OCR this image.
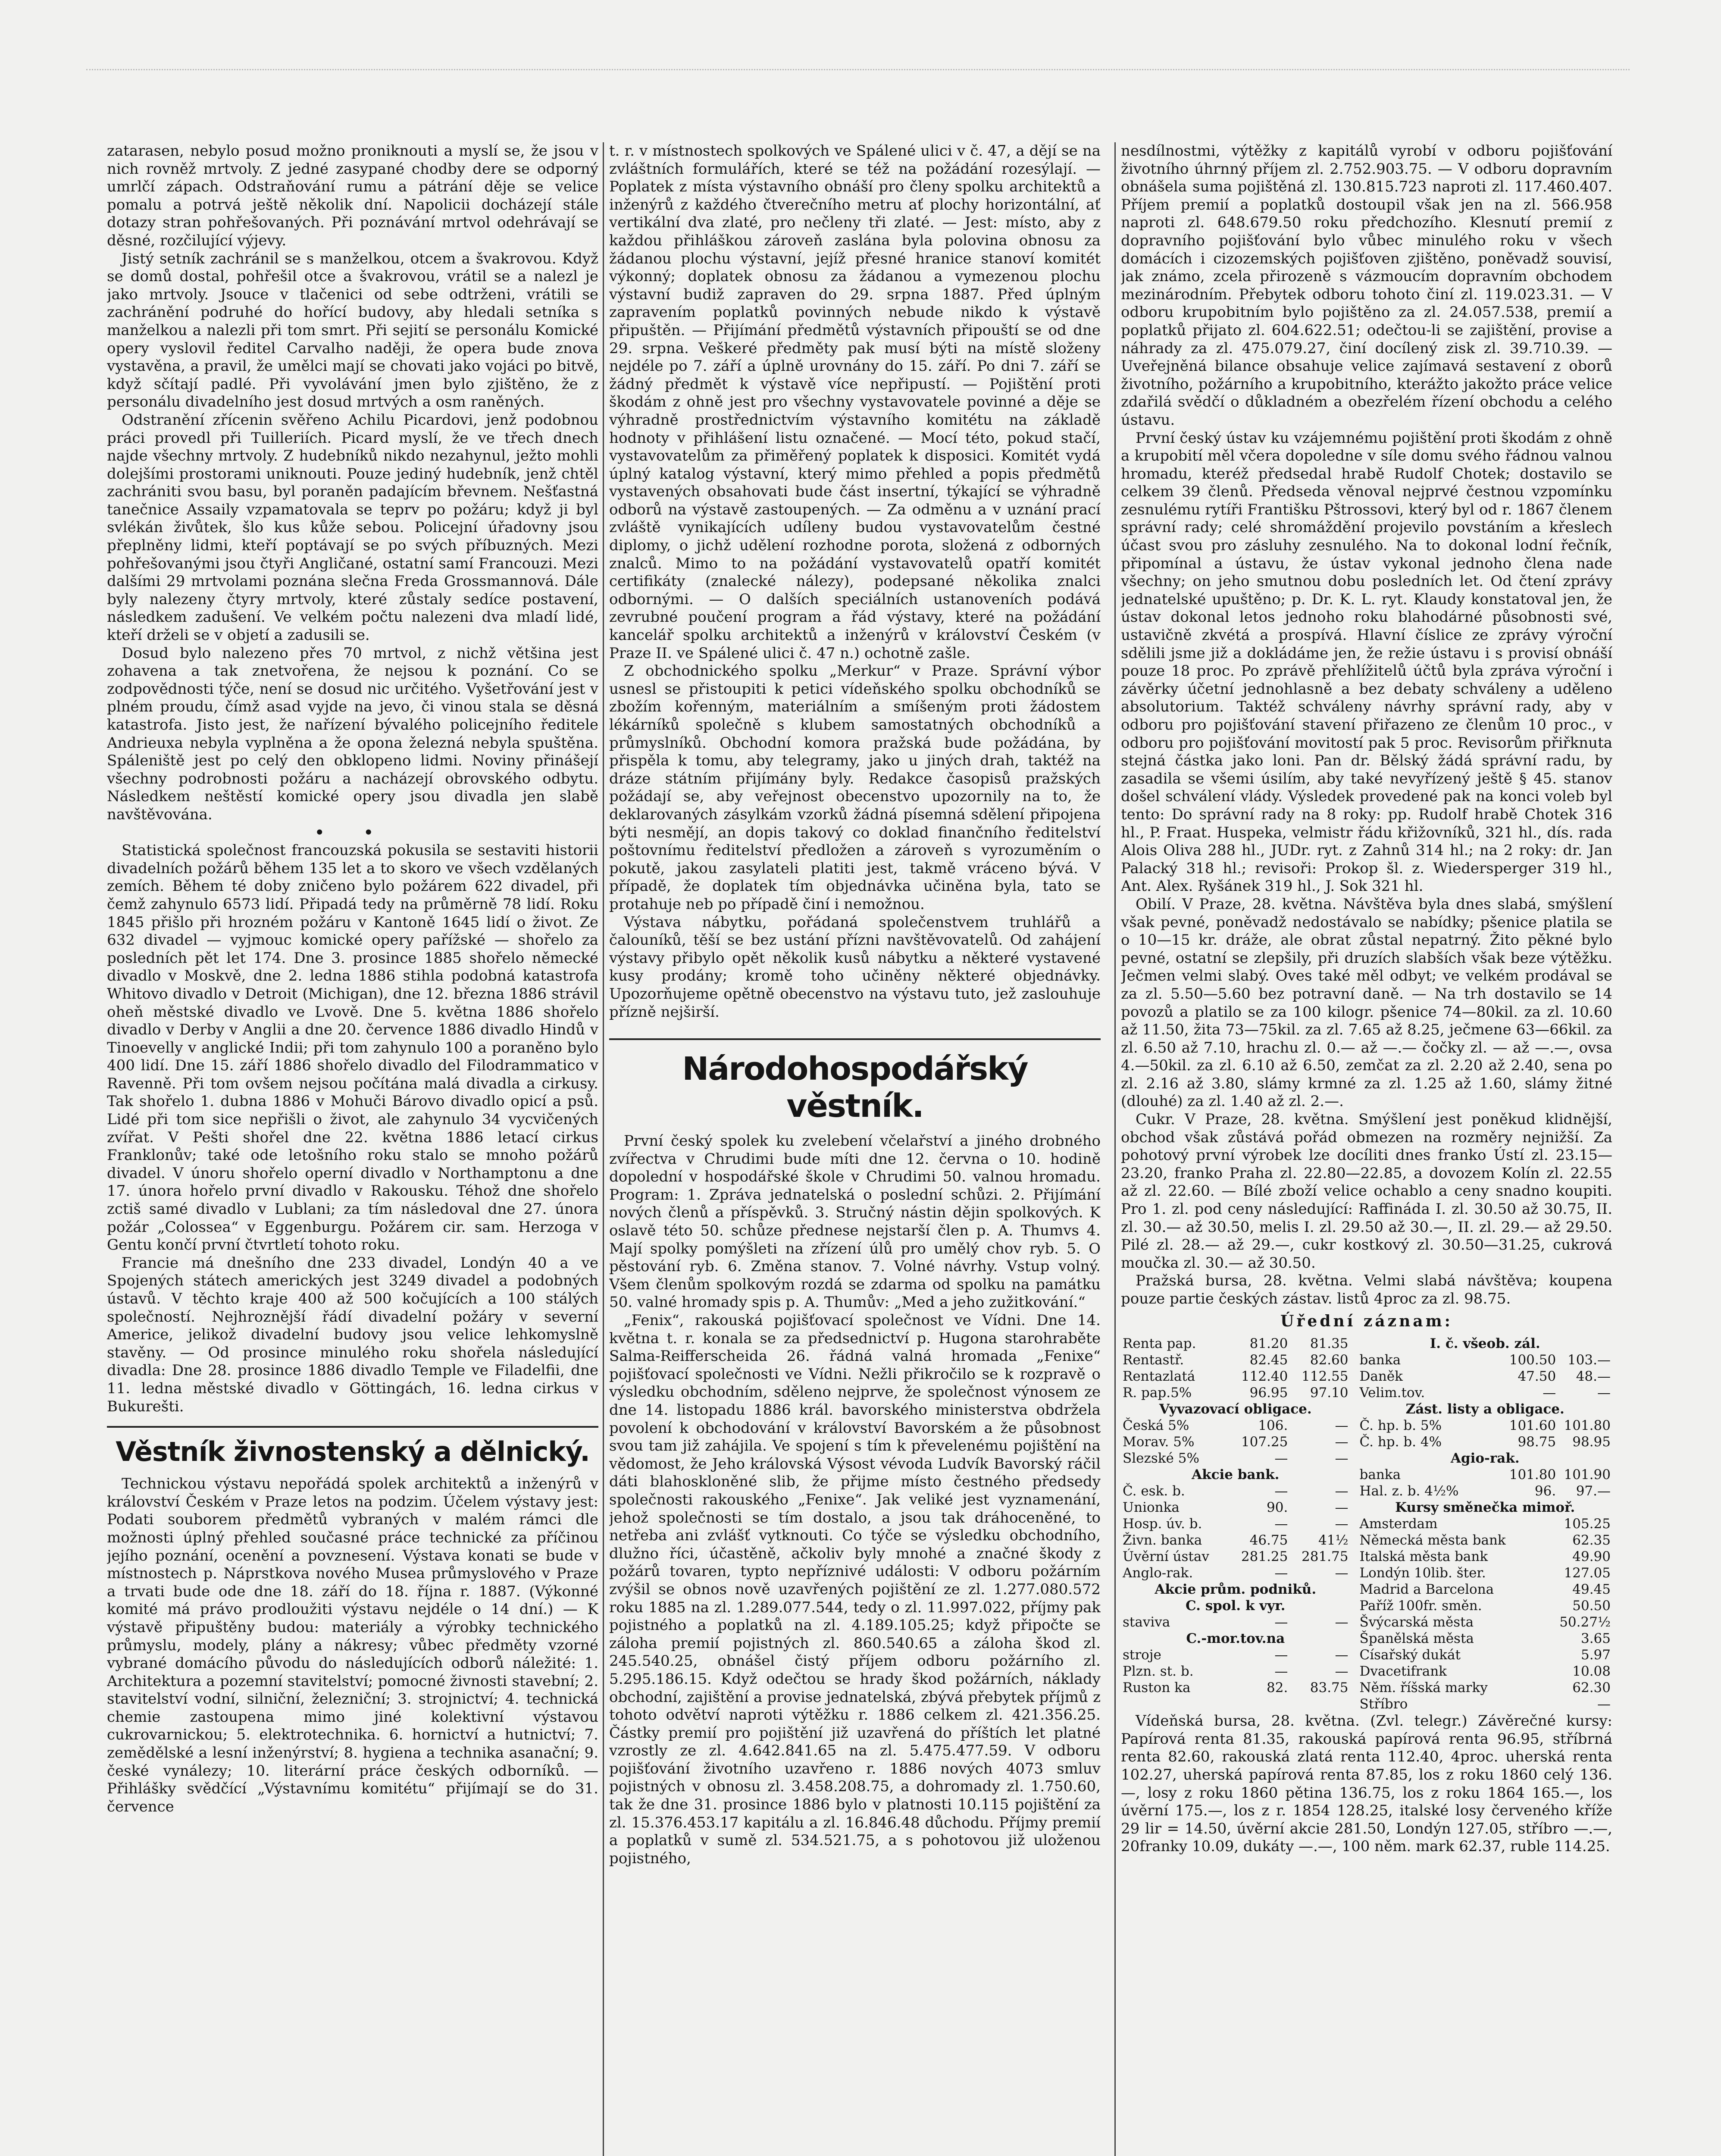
zatarasen, nebylo posud možno proniknouti a myslí se, že jsou v nich rovněž mrtvoly. Z jedné zasypané chodby dere se odporný umrlčí zápach. Odstraňování rumu a pátrání děje se velice pomalu a potrvá ještě několik dní. Napolicii docházejí stále dotazy stran pohřešovaných. Při poznávání mrtvol odehrávají se děsné, rozčilující výjevy.

Jistý setník zachránil se s manželkou, otcem a švakrovou. Když se domů dostal, pohřešil otce a švakrovou, vrátil se a nalezl je jako mrtvoly. Jsouce v tlačenici od sebe odtrženi, vrátili se zachránění podruhé do hořící budovy, aby hledali setníka s manželkou a nalezli při tom smrt. Při sejití se personálu Komické opery vyslovil ředitel Carvalho naději, že opera bude znova vystavěna, a pravil, že umělci mají se chovati jako vojáci po bitvě, když sčítají padlé. Při vyvolávání jmen bylo zjištěno, že z personálu divadelního jest dosud mrtvých a osm raněných.

Odstranění zřícenin svěřeno Achilu Picardovi, jenž podobnou práci provedl při Tuilleriích. Picard myslí, že ve třech dnech najde všechny mrtvoly. Z hudebníků nikdo nezahynul, ježto mohli dolejšími prostorami uniknouti. Pouze jediný hudebník, jenž chtěl zachrániti svou basu, byl poraněn padajícím břevnem. Nešťastná tanečnice Assaily vzpamatovala se teprv po požáru; když ji byl svlékán živůtek, šlo kus kůže sebou. Policejní úřadovny jsou přeplněny lidmi, kteří poptávají se po svých příbuzných. Mezi pohřešovanými jsou čtyři Angličané, ostatní samí Francouzi. Mezi dalšími 29 mrtvolami poznána slečna Freda Grossmannová. Dále byly nalezeny čtyry mrtvoly, které zůstaly sedíce postavení, následkem zadušení. Ve velkém počtu nalezeni dva mladí lidé, kteří drželi se v objetí a zadusili se.

Dosud bylo nalezeno přes 70 mrtvol, z nichž většina jest zohavena a tak znetvořena, že nejsou k poznání. Co se zodpovědnosti týče, není se dosud nic určitého. Vyšetřování jest v plném proudu, čímž asad vyjde na jevo, či vinou stala se děsná katastrofa. Jisto jest, že nařízení bývalého policejního ředitele Andrieuxa nebyla vyplněna a že opona železná nebyla spuštěna. Spáleniště jest po celý den obklopeno lidmi. Noviny přinášejí všechny podrobnosti požáru a nacházejí obrovského odbytu. Následkem neštěstí komické opery jsou divadla jen slabě navštěvována.

• •

Statistická společnost francouzská pokusila se sestaviti historii divadelních požárů během 135 let a to skoro ve všech vzdělaných zemích. Během té doby zničeno bylo požárem 622 divadel, při čemž zahynulo 6573 lidí. Připadá tedy na průměrně 78 lidí. Roku 1845 přišlo při hrozném požáru v Kantoně 1645 lidí o život. Ze 632 divadel — vyjmouc komické opery pařížské — shořelo za posledních pět let 174. Dne 3. prosince 1885 shořelo německé divadlo v Moskvě, dne 2. ledna 1886 stihla podobná katastrofa Whitovo divadlo v Detroit (Michigan), dne 12. března 1886 strávil oheň městské divadlo ve Lvově. Dne 5. května 1886 shořelo divadlo v Derby v Anglii a dne 20. července 1886 divadlo Hindů v Tinoevelly v anglické Indii; při tom zahynulo 100 a poraněno bylo 400 lidí. Dne 15. září 1886 shořelo divadlo del Filodrammatico v Ravenně. Při tom ovšem nejsou počítána malá divadla a cirkusy. Tak shořelo 1. dubna 1886 v Mohuči Bárovo divadlo opicí a psů. Lidé při tom sice nepřišli o život, ale zahynulo 34 vycvičených zvířat. V Pešti shořel dne 22. května 1886 letací cirkus Franklonův; také ode letošního roku stalo se mnoho požárů divadel. V únoru shořelo operní divadlo v Northamptonu a dne 17. února hořelo první divadlo v Rakousku. Téhož dne shořelo zctiš samé divadlo v Lublani; za tím následoval dne 27. února požár „Colossea“ v Eggenburgu. Požárem cir. sam. Herzoga v Gentu končí první čtvrtletí tohoto roku.

Francie má dnešního dne 233 divadel, Londýn 40 a ve Spojených státech amerických jest 3249 divadel a podobných ústavů. V těchto kraje 400 až 500 kočujících a 100 stálých společností. Nejhroznější řádí divadelní požáry v severní Americe, jelikož divadelní budovy jsou velice lehkomyslně stavěny. — Od prosince minulého roku shořela následující divadla: Dne 28. prosince 1886 divadlo Temple ve Filadelfii, dne 11. ledna městské divadlo v Göttingách, 16. ledna cirkus v Bukurešti.

Věstník živnostenský a dělnický.

Technickou výstavu nepořádá spolek architektů a inženýrů v království Českém v Praze letos na podzim. Účelem výstavy jest: Podati souborem předmětů vybraných v malém rámci dle možnosti úplný přehled současné práce technické za příčinou jejího poznání, ocenění a povznesení. Výstava konati se bude v místnostech p. Náprstkova nového Musea průmyslového v Praze a trvati bude ode dne 18. září do 18. října r. 1887. (Výkonné komité má právo prodloužiti výstavu nejdéle o 14 dní.) — K výstavě připuštěny budou: materiály a výrobky technického průmyslu, modely, plány a nákresy; vůbec předměty vzorné vybrané domácího původu do následujících odborů náležité: 1. Architektura a pozemní stavitelství; pomocné živnosti stavební; 2. stavitelství vodní, silniční, železniční; 3. strojnictví; 4. technická chemie zastoupena mimo jiné kolektivní výstavou cukrovarnickou; 5. elektrotechnika. 6. hornictví a hutnictví; 7. zemědělské a lesní inženýrství; 8. hygiena a technika asanační; 9. české vynálezy; 10. literární práce českých odborníků. — Přihlášky svědčící „Výstavnímu komitétu“ přijímají se do 31. července

t. r. v místnostech spolkových ve Spálené ulici v č. 47, a dějí se na zvláštních formulářích, které se též na požádání rozesýlají. — Poplatek z místa výstavního obnáší pro členy spolku architektů a inženýrů z každého čtverečního metru ať plochy horizontální, ať vertikální dva zlaté, pro nečleny tři zlaté. — Jest: místo, aby z každou přihláškou zároveň zaslána byla polovina obnosu za žádanou plochu výstavní, jejíž přesné hranice stanoví komitét výkonný; doplatek obnosu za žádanou a vymezenou plochu výstavní budiž zapraven do 29. srpna 1887. Před úplným zapravením poplatků povinných nebude nikdo k výstavě připuštěn. — Přijímání předmětů výstavních připouští se od dne 29. srpna. Veškeré předměty pak musí býti na místě složeny nejdéle po 7. září a úplně urovnány do 15. září. Po dni 7. září se žádný předmět k výstavě více nepřipustí. — Pojištění proti škodám z ohně jest pro všechny vystavovatele povinné a děje se výhradně prostřednictvím výstavního komitétu na základě hodnoty v přihlášení listu označené. — Mocí této, pokud stačí, vystavovatelům za přiměřený poplatek k disposici. Komitét vydá úplný katalog výstavní, který mimo přehled a popis předmětů vystavených obsahovati bude část insertní, týkající se výhradně odborů na výstavě zastoupených. — Za odměnu a v uznání prací zvláště vynikajících udíleny budou vystavovatelům čestné diplomy, o jichž udělení rozhodne porota, složená z odborných znalců. Mimo to na požádání vystavovatelů opatří komitét certifikáty (znalecké nálezy), podepsané několika znalci odbornými. — O dalších speciálních ustanoveních podává zevrubné poučení program a řád výstavy, které na požádání kancelář spolku architektů a inženýrů v království Českém (v Praze II. ve Spálené ulici č. 47 n.) ochotně zašle.

Z obchodnického spolku „Merkur“ v Praze. Správní výbor usnesl se přistoupiti k petici vídeňského spolku obchodníků se zbožím kořenným, materiálním a smíšeným proti žádostem lékárníků společně s klubem samostatných obchodníků a průmyslníků. Obchodní komora pražská bude požádána, by přispěla k tomu, aby telegramy, jako u jiných drah, taktéž na dráze státním přijímány byly. Redakce časopisů pražských požádají se, aby veřejnost obecenstvo upozornily na to, že deklarovaných zásylkám vzorků žádná písemná sdělení připojena býti nesmějí, an dopis takový co doklad finančního ředitelství poštovnímu ředitelství předložen a zároveň s vyrozuměním o pokutě, jakou zasylateli platiti jest, takmě vráceno bývá. V případě, že doplatek tím objednávka učiněna byla, tato se protahuje neb po případě činí i nemožnou.

Výstava nábytku, pořádaná společenstvem truhlářů a čalouníků, těší se bez ustání přízni navštěvovatelů. Od zahájení výstavy přibylo opět několik kusů nábytku a některé vystavené kusy prodány; kromě toho učiněny některé objednávky. Upozorňujeme opětně obecenstvo na výstavu tuto, jež zaslouhuje přízně nejširší.

Národohospodářský věstník.

První český spolek ku zvelebení včelařství a jiného drobného zvířectva v Chrudimi bude míti dne 12. června o 10. hodině dopolední v hospodářské škole v Chrudimi 50. valnou hromadu. Program: 1. Zpráva jednatelská o poslední schůzi. 2. Přijímání nových členů a příspěvků. 3. Stručný nástin dějin spolkových. K oslavě této 50. schůze přednese nejstarší člen p. A. Thumvs 4. Mají spolky pomýšleti na zřízení úlů pro umělý chov ryb. 5. O pěstování ryb. 6. Změna stanov. 7. Volné návrhy. Vstup volný. Všem členům spolkovým rozdá se zdarma od spolku na památku 50. valné hromady spis p. A. Thumův: „Med a jeho zužitkování.“

„Fenix“, rakouská pojišťovací společnost ve Vídni. Dne 14. května t. r. konala se za předsednictví p. Hugona starohraběte Salma-Reifferscheida 26. řádná valná hromada „Fenixe“ pojišťovací společnosti ve Vídni. Nežli přikročilo se k rozpravě o výsledku obchodním, sděleno nejprve, že společnost výnosem ze dne 14. listopadu 1886 král. bavorského ministerstva obdržela povolení k obchodování v království Bavorském a že působnost svou tam již zahájila. Ve spojení s tím k převelenému pojištění na vědomost, že Jeho královská Výsost vévoda Ludvík Bavorský ráčil dáti blahoskloněné slib, že přijme místo čestného předsedy společnosti rakouského „Fenixe“. Jak veliké jest vyznamenání, jehož společnosti se tím dostalo, a jsou tak dráhoceněné, to netřeba ani zvlášť vytknouti. Co týče se výsledku obchodního, dlužno říci, účastěně, ačkoliv byly mnohé a značné škody z požárů tovaren, typto nepříznivé události: V odboru požárním zvýšil se obnos nově uzavřených pojištění ze zl. 1.277.080.572 roku 1885 na zl. 1.289.077.544, tedy o zl. 11.997.022, příjmy pak pojistného a poplatků na zl. 4.189.105.25; když připočte se záloha premií pojistných zl. 860.540.65 a záloha škod zl. 245.540.25, obnášel čistý příjem odboru požárního zl. 5.295.186.15. Když odečtou se hrady škod požárních, náklady obchodní, zajištění a provise jednatelská, zbývá přebytek příjmů z tohoto odvětví naproti výtěžku r. 1886 celkem zl. 421.356.25. Částky premií pro pojištění již uzavřená do příštích let platné vzrostly ze zl. 4.642.841.65 na zl. 5.475.477.59. V odboru pojišťování životního uzavřeno r. 1886 nových 4073 smluv pojistných v obnosu zl. 3.458.208.75, a dohromady zl. 1.750.60, tak že dne 31. prosince 1886 bylo v platnosti 10.115 pojištění za zl. 15.376.453.17 kapitálu a zl. 16.846.48 důchodu. Příjmy premií a poplatků v sumě zl. 534.521.75, a s pohotovou již uloženou pojistného,

nesdílnostmi, výtěžky z kapitálů vyrobí v odboru pojišťování životního úhrnný příjem zl. 2.752.903.75. — V odboru dopravním obnášela suma pojištěná zl. 130.815.723 naproti zl. 117.460.407. Příjem premií a poplatků dostoupil však jen na zl. 566.958 naproti zl. 648.679.50 roku předchozího. Klesnutí premií z dopravního pojišťování bylo vůbec minulého roku v všech domácích i cizozemských pojišťoven zjištěno, poněvadž souvisí, jak známo, zcela přirozeně s vázmoucím dopravním obchodem mezinárodním. Přebytek odboru tohoto činí zl. 119.023.31. — V odboru krupobitním bylo pojištěno za zl. 24.057.538, premií a poplatků přijato zl. 604.622.51; odečtou-li se zajištění, provise a náhrady za zl. 475.079.27, činí docílený zisk zl. 39.710.39. — Uveřejněná bilance obsahuje velice zajímavá sestavení z oborů životního, požárního a krupobitního, kterážto jakožto práce velice zdařilá svědčí o důkladném a obezřelém řízení obchodu a celého ústavu.

První český ústav ku vzájemnému pojištění proti škodám z ohně a krupobití měl včera dopoledne v síle domu svého řádnou valnou hromadu, kteréž předsedal hrabě Rudolf Chotek; dostavilo se celkem 39 členů. Předseda věnoval nejprvé čestnou vzpomínku zesnulému rytíři Františku Pštrossovi, který byl od r. 1867 členem správní rady; celé shromáždění projevilo povstáním a křeslech účast svou pro zásluhy zesnulého. Na to dokonal lodní řečník, připomínal a ústavu, že ústav vykonal jednoho člena nade všechny; on jeho smutnou dobu posledních let. Od čtení zprávy jednatelské upuštěno; p. Dr. K. L. ryt. Klaudy konstatoval jen, že ústav dokonal letos jednoho roku blahodárné působnosti své, ustavičně zkvétá a prospívá. Hlavní číslice ze zprávy výroční sdělili jsme již a dokládáme jen, že režie ústavu i s provisí obnáší pouze 18 proc. Po zprávě přehlížitelů účtů byla zpráva výroční i závěrky účetní jednohlasně a bez debaty schváleny a uděleno absolutorium. Taktéž schváleny návrhy správní rady, aby v odboru pro pojišťování stavení přiřazeno ze členům 10 proc., v odboru pro pojišťování movitostí pak 5 proc. Revisorům přiřknuta stejná částka jako loni. Pan dr. Bělský žádá správní radu, by zasadila se všemi úsilím, aby také nevyřízený ještě § 45. stanov došel schválení vlády. Výsledek provedené pak na konci voleb byl tento: Do správní rady na 8 roky: pp. Rudolf hrabě Chotek 316 hl., P. Fraat. Huspeka, velmistr řádu křižovníků, 321 hl., dís. rada Alois Oliva 288 hl., JUDr. ryt. z Zahnů 314 hl.; na 2 roky: dr. Jan Palacký 318 hl.; revisoři: Prokop šl. z. Wiedersperger 319 hl., Ant. Alex. Ryšánek 319 hl., J. Sok 321 hl.

Obilí. V Praze, 28. května. Návštěva byla dnes slabá, smýšlení však pevné, poněvadž nedostávalo se nabídky; pšenice platila se o 10—15 kr. dráže, ale obrat zůstal nepatrný. Žito pěkné bylo pevné, ostatní se zlepšily, při druzích slabších však beze výtěžku. Ječmen velmi slabý. Oves také měl odbyt; ve velkém prodával se za zl. 5.50—5.60 bez potravní daně. — Na trh dostavilo se 14 povozů a platilo se za 100 kilogr. pšenice 74—80kil. za zl. 10.60 až 11.50, žita 73—75kil. za zl. 7.65 až 8.25, ječmene 63—66kil. za zl. 6.50 až 7.10, hrachu zl. 0.— až —.— čočky zl. — až —.—, ovsa 4.—50kil. za zl. 6.10 až 6.50, zemčat za zl. 2.20 až 2.40, sena po zl. 2.16 až 3.80, slámy krmné za zl. 1.25 až 1.60, slámy žitné (dlouhé) za zl. 1.40 až zl. 2.—.

Cukr. V Praze, 28. května. Smýšlení jest poněkud klidnější, obchod však zůstává pořád obmezen na rozměry nejnižší. Za pohotový první výrobek lze docíliti dnes franko Ústí zl. 23.15—23.20, franko Praha zl. 22.80—22.85, a dovozem Kolín zl. 22.55 až zl. 22.60. — Bílé zboží velice ochablo a ceny snadno koupiti. Pro 1. zl. pod ceny následující: Raffináda I. zl. 30.50 až 30.75, II. zl. 30.— až 30.50, melis I. zl. 29.50 až 30.—, II. zl. 29.— až 29.50. Pilé zl. 28.— až 29.—, cukr kostkový zl. 30.50—31.25, cukrová moučka zl. 30.— až 30.50.

Pražská bursa, 28. května. Velmi slabá návštěva; koupena pouze partie českých zástav. listů 4proc za zl. 98.75.

Úřední záznam:
Renta pap.	81.20	81.35
Rentastř.	82.45	82.60
Rentazlatá	112.40	112.55
R. pap.5%	96.95	97.10
Vyvazovací obligace.		
Česká 5%	106.	—
Morav. 5%	107.25	—
Slezské 5%	—	—
Akcie bank.		
Č. esk. b.	—	—
Unionka	90.	—
Hosp. úv. b.	—	—
Živn. banka	46.75	41½
Úvěrní ústav	281.25	281.75
Anglo-rak.	—	—
Akcie prům. podniků.		
C. spol. k vyr.		
stavivа	—	—
C.-mor.tov.na		
stroje	—	—
Plzn. st. b.	—	—
Ruston ka	82.	83.75
I. č. všeob. zál.		
banka	100.50	103.—
Daněk	47.50	48.—
Velim.tov.	—	—
Zást. listy a obligace.		
Č. hp. b. 5%	101.60	101.80
Č. hp. b. 4%	98.75	98.95
Agio-rak.		
banka	101.80	101.90
Hal. z. b. 4½%	96.	97.—
Kursy směnečka mimoř.		
Amsterdam		105.25
Německá města bank		62.35
Italská města bank		49.90
Londýn 10lib. šter.		127.05
Madrid a Barcelona		49.45
Paříž 100fr. směn.		50.50
Švýcarská města		50.27½
Španělská města		3.65
Císařský dukát		5.97
Dvacetifrank		10.08
Něm. říšská marky		62.30
Stříbro		—

Vídeňská bursa, 28. května. (Zvl. telegr.) Závěrečné kursy: Papírová renta 81.35, rakouská papírová renta 96.95, stříbrná renta 82.60, rakouská zlatá renta 112.40, 4proc. uherská renta 102.27, uherská papírová renta 87.85, los z roku 1860 celý 136.—, losy z roku 1860 pětina 136.75, los z roku 1864 165.—, los úvěrní 175.—, los z r. 1854 128.25, italské losy červeného kříže 29 lir = 14.50, úvěrní akcie 281.50, Londýn 127.05, stříbro —.—, 20franky 10.09, dukáty —.—, 100 něm. mark 62.37, ruble 114.25.
